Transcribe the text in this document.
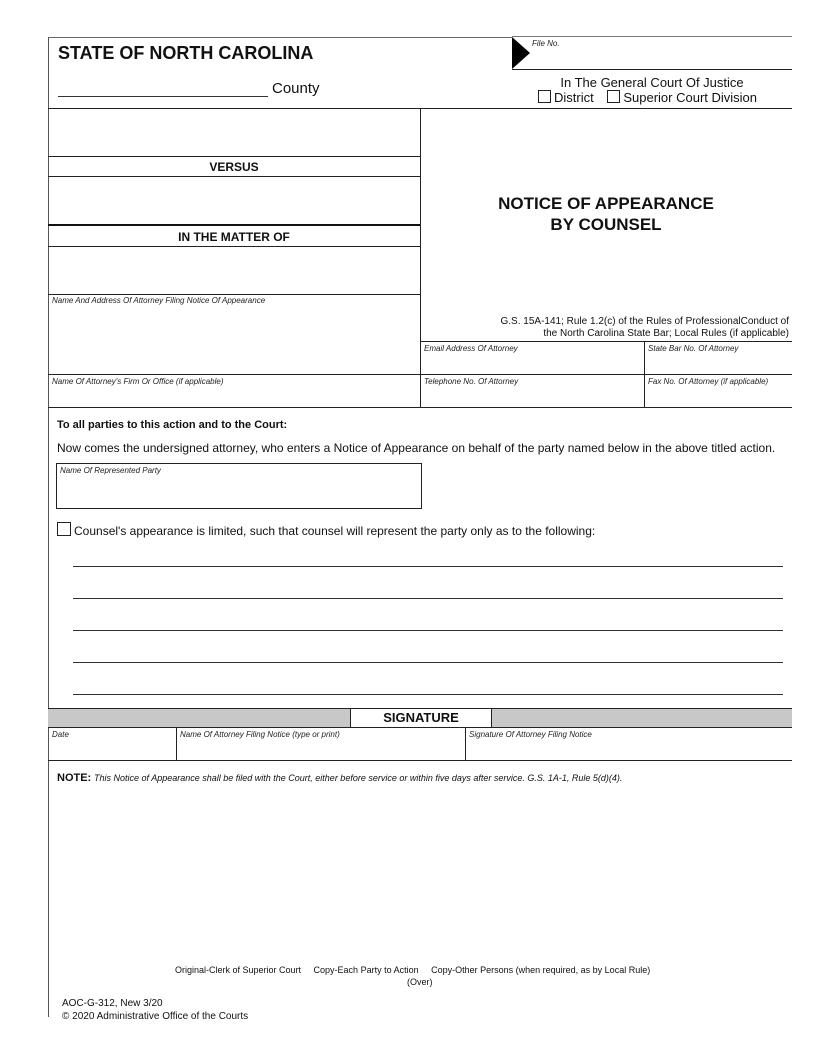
STATE OF NORTH CAROLINA
County
File No.
In The General Court Of Justice
District Superior Court Division
VERSUS
IN THE MATTER OF
Name And Address Of Attorney Filing Notice Of Appearance
Name Of Attorney's Firm Or Office (if applicable)
NOTICE OF APPEARANCE
BY COUNSEL
G.S. 15A-141; Rule 1.2(c) of the Rules of ProfessionalConduct of
the North Carolina State Bar; Local Rules (if applicable)
Email Address Of Attorney	State Bar No. Of Attorney
Telephone No. Of Attorney	Fax No. Of Attorney (if applicable)
To all parties to this action and to the Court:
Now comes the undersigned attorney, who enters a Notice of Appearance on behalf of the party named below in the above titled action.
Name Of Represented Party
Counsel's appearance is limited, such that counsel will represent the party only as to the following:
SIGNATURE
Date	Name Of Attorney Filing Notice (type or print)	Signature Of Attorney Filing Notice
NOTE: This Notice of Appearance shall be filed with the Court, either before service or within five days after service. G.S. 1A-1, Rule 5(d)(4).
Original-Clerk of Superior Court     Copy-Each Party to Action     Copy-Other Persons (when required, as by Local Rule)
(Over)
AOC-G-312, New 3/20
© 2020 Administrative Office of the Courts
